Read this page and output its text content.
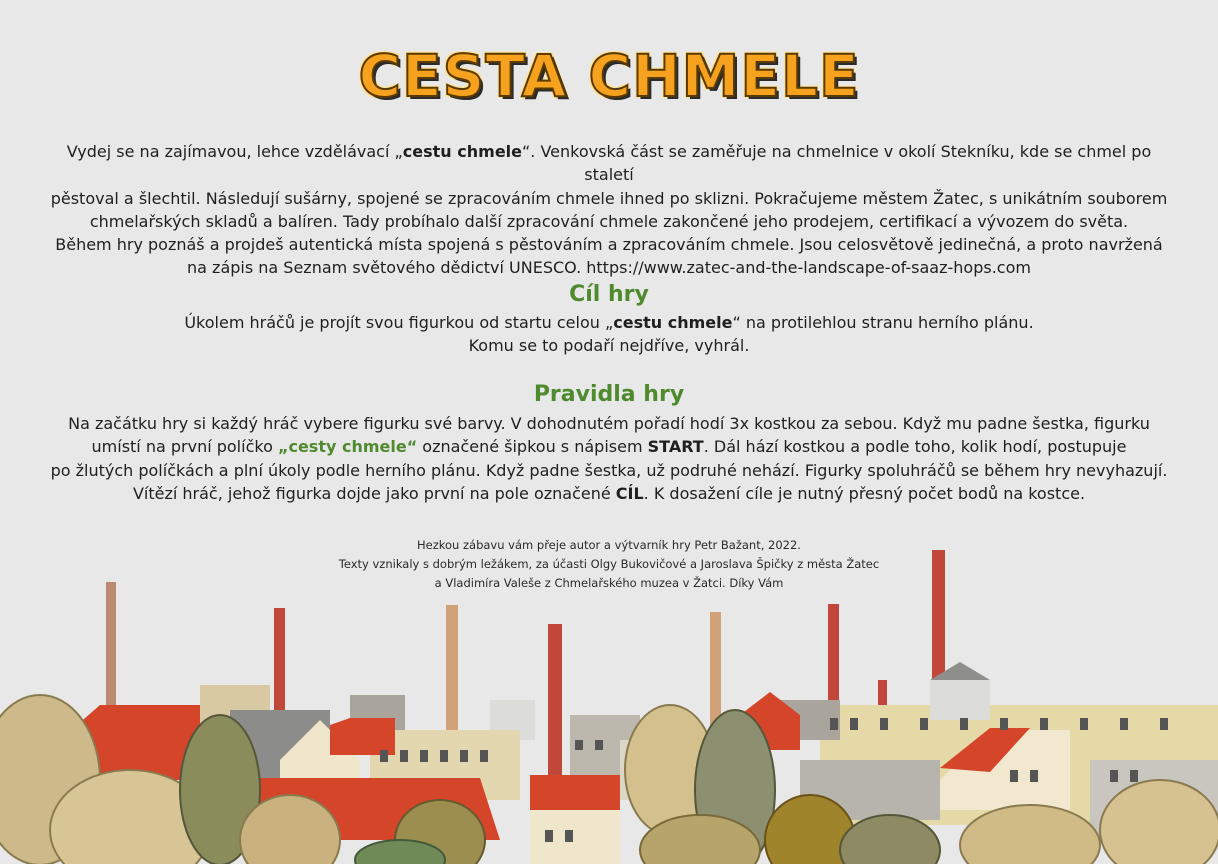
CESTA CHMELE
Vydej se na zajímavou, lehce vzdělávací „cestu chmele“. Venkovská část se zaměřuje na chmelnice v okolí Stekníku, kde se chmel po staletí
pěstoval a šlechtil. Následují sušárny, spojené se zpracováním chmele ihned po sklizni. Pokračujeme městem Žatec, s unikátním souborem
chmelařských skladů a balíren. Tady probíhalo další zpracování chmele zakončené jeho prodejem, certifikací a vývozem do světa.
Během hry poznáš a projdeš autentická místa spojená s pěstováním a zpracováním chmele. Jsou celosvětově jedinečná, a proto navržená
na zápis na Seznam světového dědictví UNESCO. https://www.zatec-and-the-landscape-of-saaz-hops.com
Cíl hry
Úkolem hráčů je projít svou figurkou od startu celou „cestu chmele“ na protilehlou stranu herního plánu.
Komu se to podaří nejdříve, vyhrál.
Pravidla hry
Na začátku hry si každý hráč vybere figurku své barvy. V dohodnutém pořadí hodí 3x kostkou za sebou. Když mu padne šestka, figurku
umístí na první políčko „cesty chmele“ označené šipkou s nápisem START. Dál hází kostkou a podle toho, kolik hodí, postupuje
po žlutých políčkách a plní úkoly podle herního plánu. Když padne šestka, už podruhé nehází. Figurky spoluhráčů se během hry nevyhazují.
Vítězí hráč, jehož figurka dojde jako první na pole označené CÍL. K dosažení cíle je nutný přesný počet bodů na kostce.
Hezkou zábavu vám přeje autor a výtvarník hry Petr Bažant, 2022.
Texty vznikaly s dobrým ležákem, za účasti Olgy Bukovičové a Jaroslava Špičky z města Žatec
a Vladimíra Valeše z Chmelařského muzea v Žatci. Díky Vám
